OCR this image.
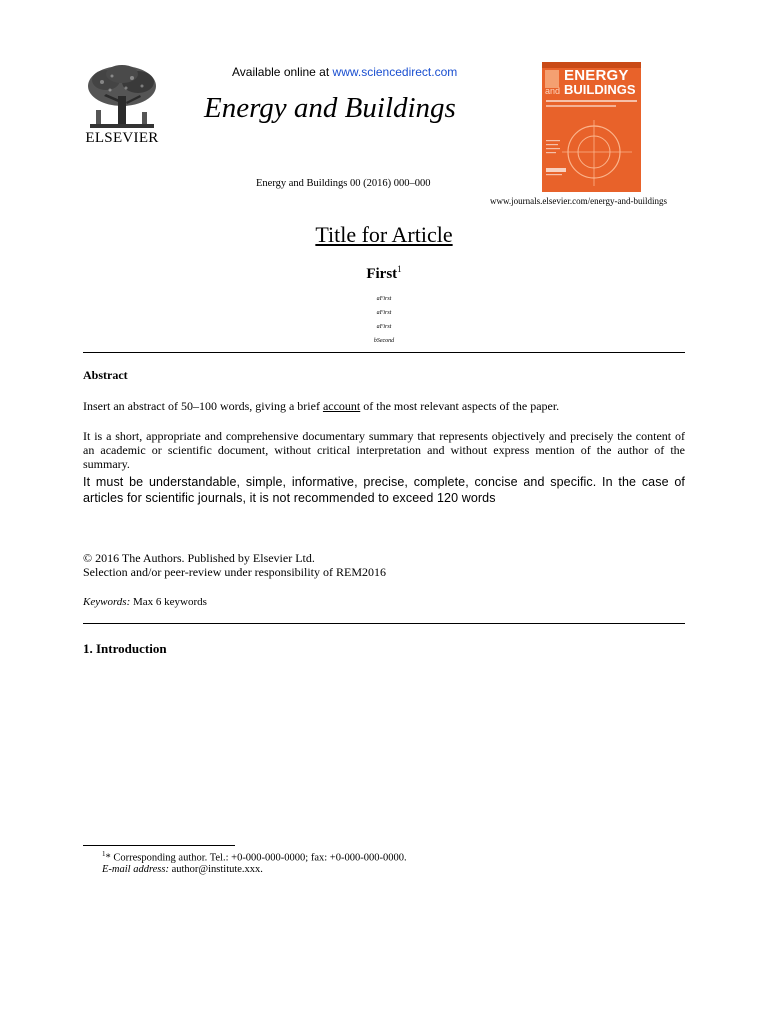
ELSEVIER
Available online at www.sciencedirect.com
Energy and Buildings
Energy and Buildings 00 (2016) 000–000
ENERGY
and BUILDINGS
www.journals.elsevier.com/energy-and-buildings
Title for Article
First$^1$
aFirst
aFirst
aFirst
bSecond
Abstract
Insert an abstract of 50–100 words, giving a brief account of the most relevant aspects of the paper.
It is a short, appropriate and comprehensive documentary summary that represents objectively and precisely the content of an academic or scientific document, without critical interpretation and without express mention of the author of the summary.
It must be understandable, simple, informative, precise, complete, concise and specific. In the case of articles for scientific journals, it is not recommended to exceed 120 words
© 2016 The Authors. Published by Elsevier Ltd.
Selection and/or peer-review under responsibility of REM2016
Keywords: Max 6 keywords
1. Introduction
$^1$* Corresponding author. Tel.: +0-000-000-0000; fax: +0-000-000-0000.
E-mail address: author@institute.xxx.
